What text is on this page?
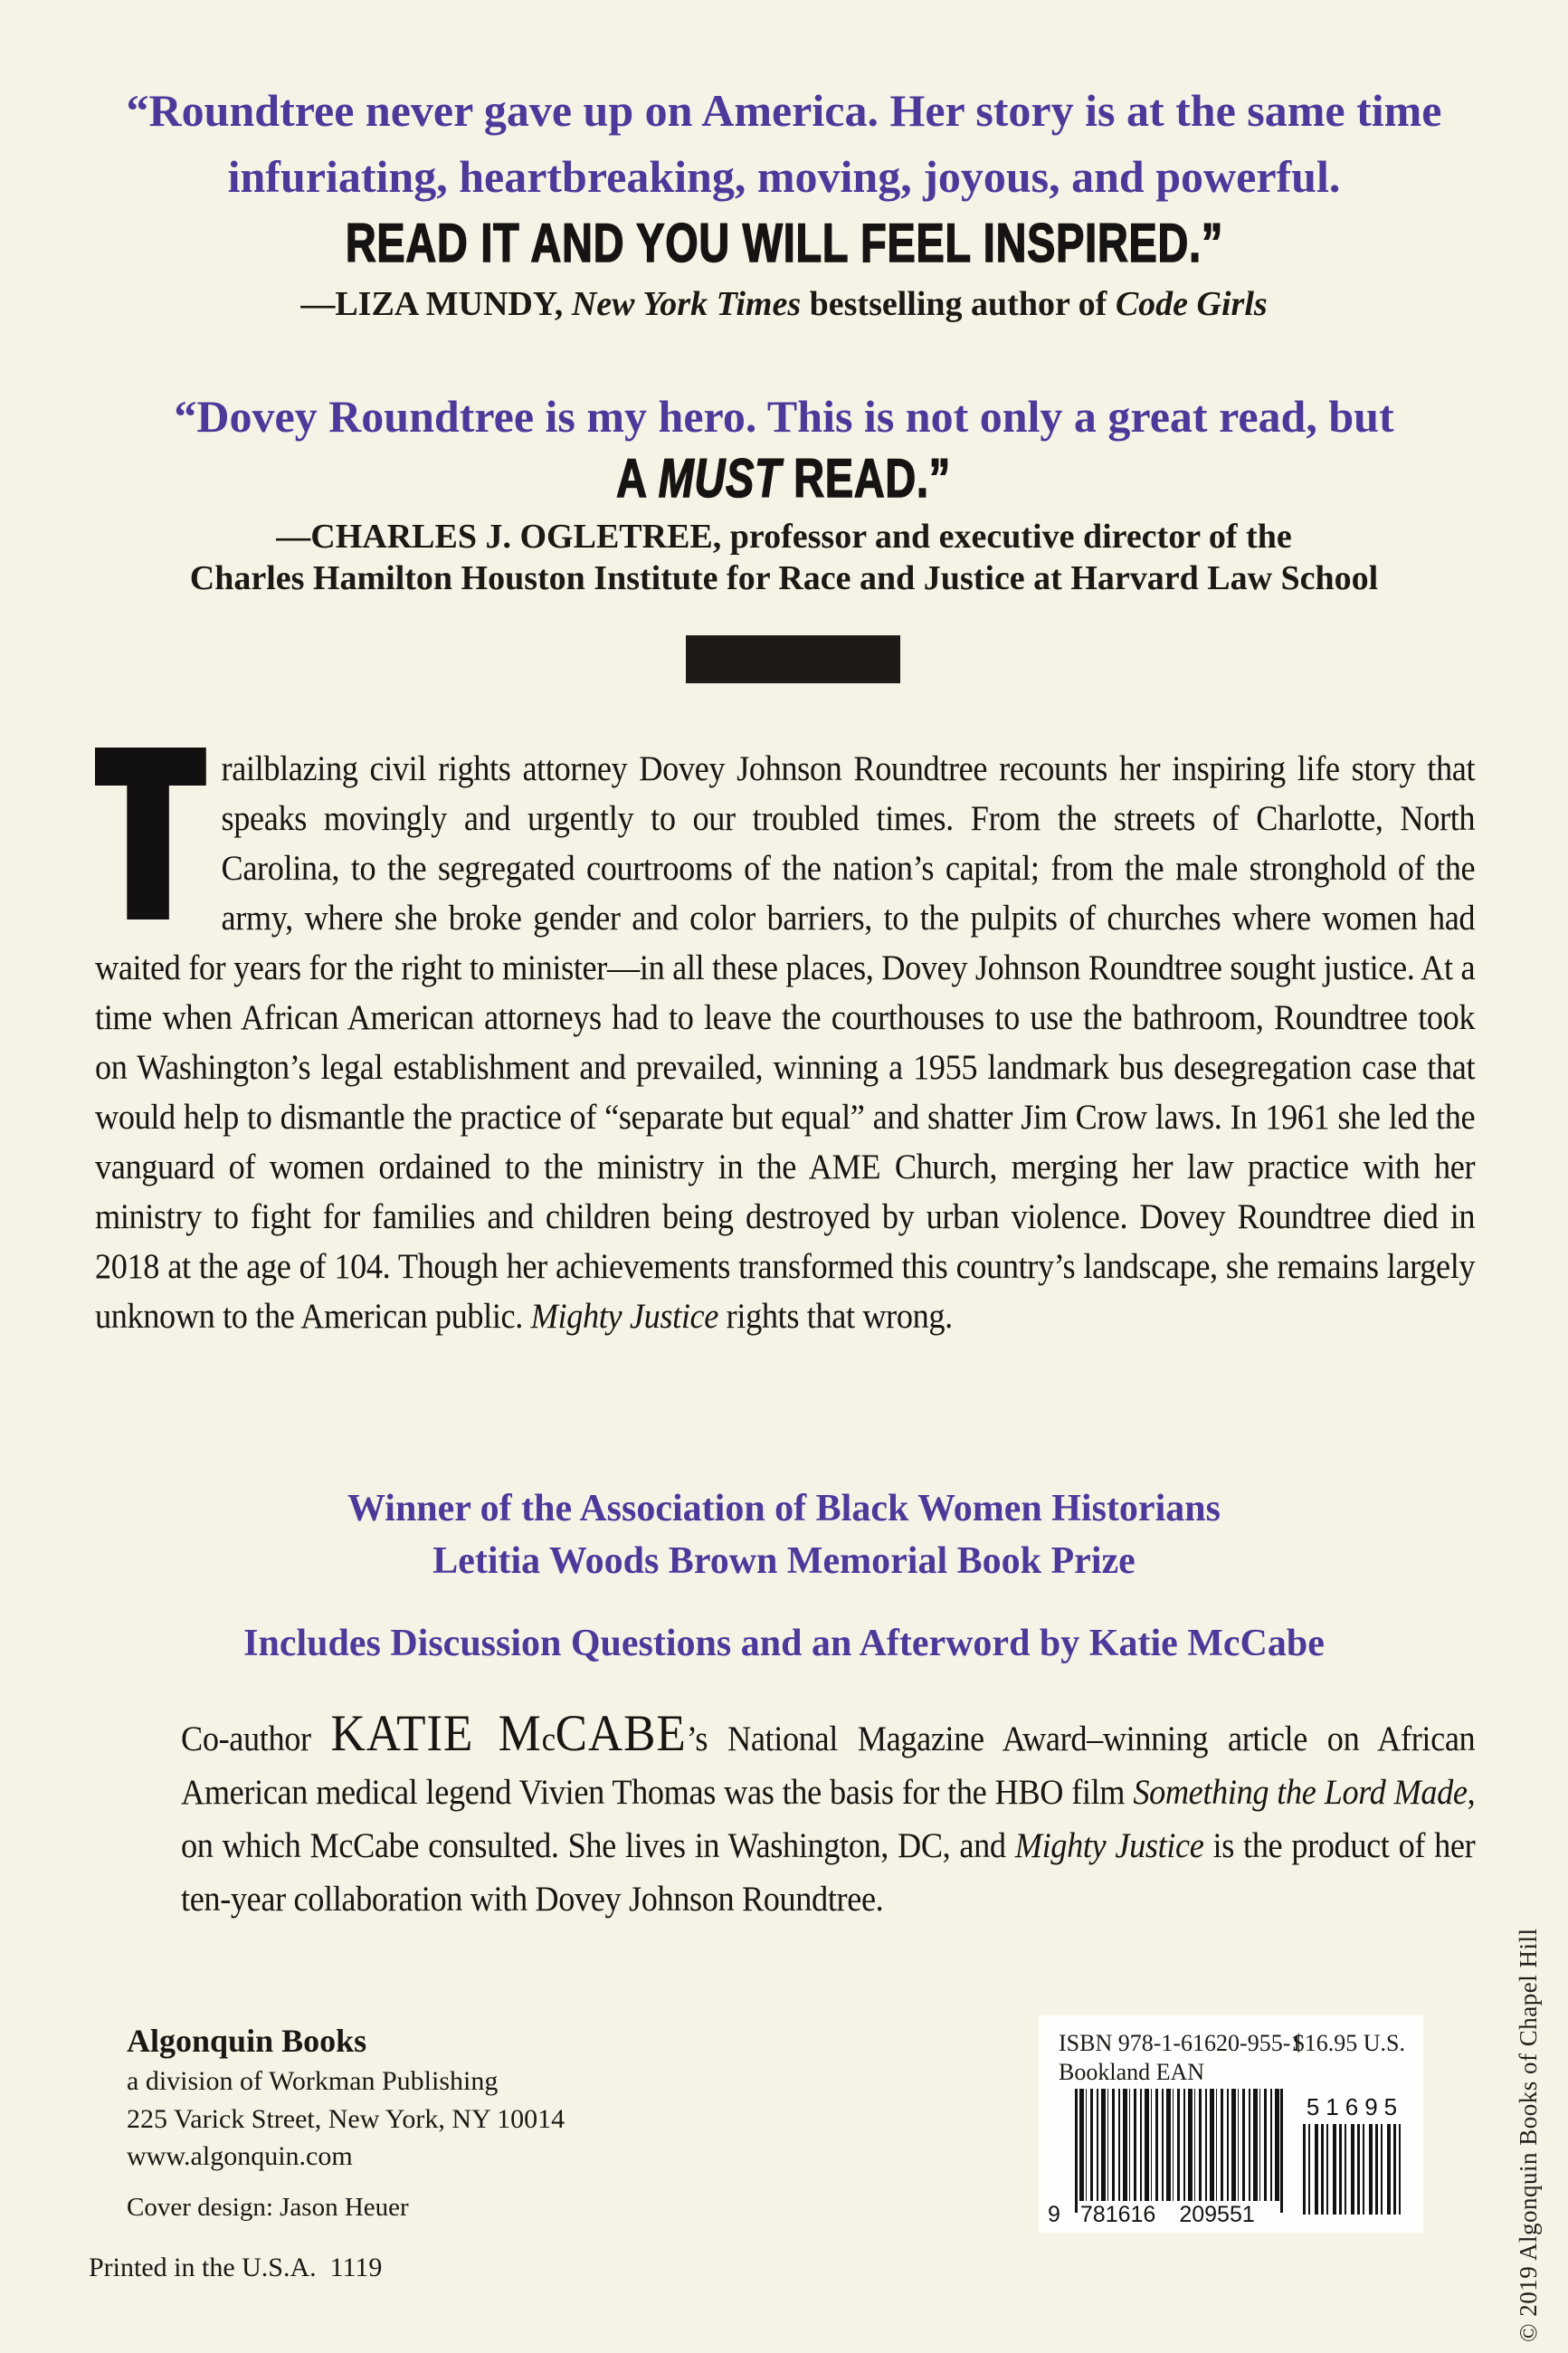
“Roundtree never gave up on America. Her story is at the same time
infuriating, heartbreaking, moving, joyous, and powerful.
READ IT AND YOU WILL FEEL INSPIRED.”
—LIZA MUNDY, New York Times bestselling author of Code Girls
“Dovey Roundtree is my hero. This is not only a great read, but
A MUST READ.”
—CHARLES J. OGLETREE, professor and executive director of the
Charles Hamilton Houston Institute for Race and Justice at Harvard Law School
railblazing civil rights attorney Dovey Johnson Roundtree recounts her inspiring life story that speaks movingly and urgently to our troubled times. From the streets of Charlotte, North Carolina, to the segregated courtrooms of the nation’s capital; from the male stronghold of the army, where she broke gender and color barriers, to the pulpits of churches where women had waited for years for the right to minister—in all these places, Dovey Johnson Roundtree sought justice. At a time when African American attorneys had to leave the courthouses to use the bathroom, Roundtree took on Washington’s legal establishment and prevailed, winning a 1955 landmark bus desegregation case that would help to dismantle the practice of “separate but equal” and shatter Jim Crow laws. In 1961 she led the vanguard of women ordained to the ministry in the AME Church, merging her law practice with her ministry to fight for families and children being destroyed by urban violence. Dovey Roundtree died in 2018 at the age of 104. Though her achievements transformed this country’s landscape, she remains largely unknown to the American public. Mighty Justice rights that wrong.
Winner of the Association of Black Women Historians
Letitia Woods Brown Memorial Book Prize
Includes Discussion Questions and an Afterword by Katie McCabe
Co-author KATIE McCABE’s National Magazine Award–winning article on African American medical legend Vivien Thomas was the basis for the HBO film Something the Lord Made, on which McCabe consulted. She lives in Washington, DC, and Mighty Justice is the product of her ten-year collaboration with Dovey Johnson Roundtree.
Algonquin Books
a division of Workman Publishing
225 Varick Street, New York, NY 10014
www.algonquin.com
Cover design: Jason Heuer
Printed in the U.S.A.  1119
ISBN 978-1-61620-955-1
$16.95 U.S.
Bookland EAN
9 781616 209551
51695	© 2019 Algonquin Books of Chapel Hill
